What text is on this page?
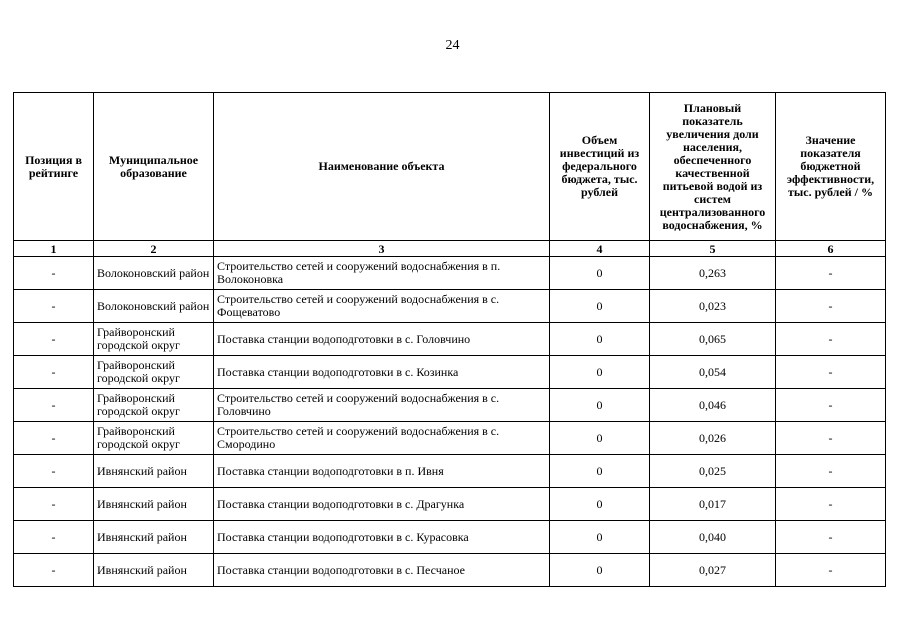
24
Позиция в рейтинге	Муниципальное образование	Наименование объекта	Объем инвестиций из федерального бюджета, тыс. рублей	Плановый показатель увеличения доли населения, обеспеченного качественной питьевой водой из систем централизованного водоснабжения, %	Значение показателя бюджетной эффективности, тыс. рублей / %
1	2	3	4	5	6
-	Волоконовский район	Строительство сетей и сооружений водоснабжения в п. Волоконовка	0	0,263	-
-	Волоконовский район	Строительство сетей и сооружений водоснабжения в с. Фощеватово	0	0,023	-
-	Грайворонский городской округ	Поставка станции водоподготовки в с. Головчино	0	0,065	-
-	Грайворонский городской округ	Поставка станции водоподготовки в с. Козинка	0	0,054	-
-	Грайворонский городской округ	Строительство сетей и сооружений водоснабжения в с. Головчино	0	0,046	-
-	Грайворонский городской округ	Строительство сетей и сооружений водоснабжения в с. Смородино	0	0,026	-
-	Ивнянский район	Поставка станции водоподготовки в п. Ивня	0	0,025	-
-	Ивнянский район	Поставка станции водоподготовки в с. Драгунка	0	0,017	-
-	Ивнянский район	Поставка станции водоподготовки в с. Курасовка	0	0,040	-
-	Ивнянский район	Поставка станции водоподготовки в с. Песчаное	0	0,027	-
